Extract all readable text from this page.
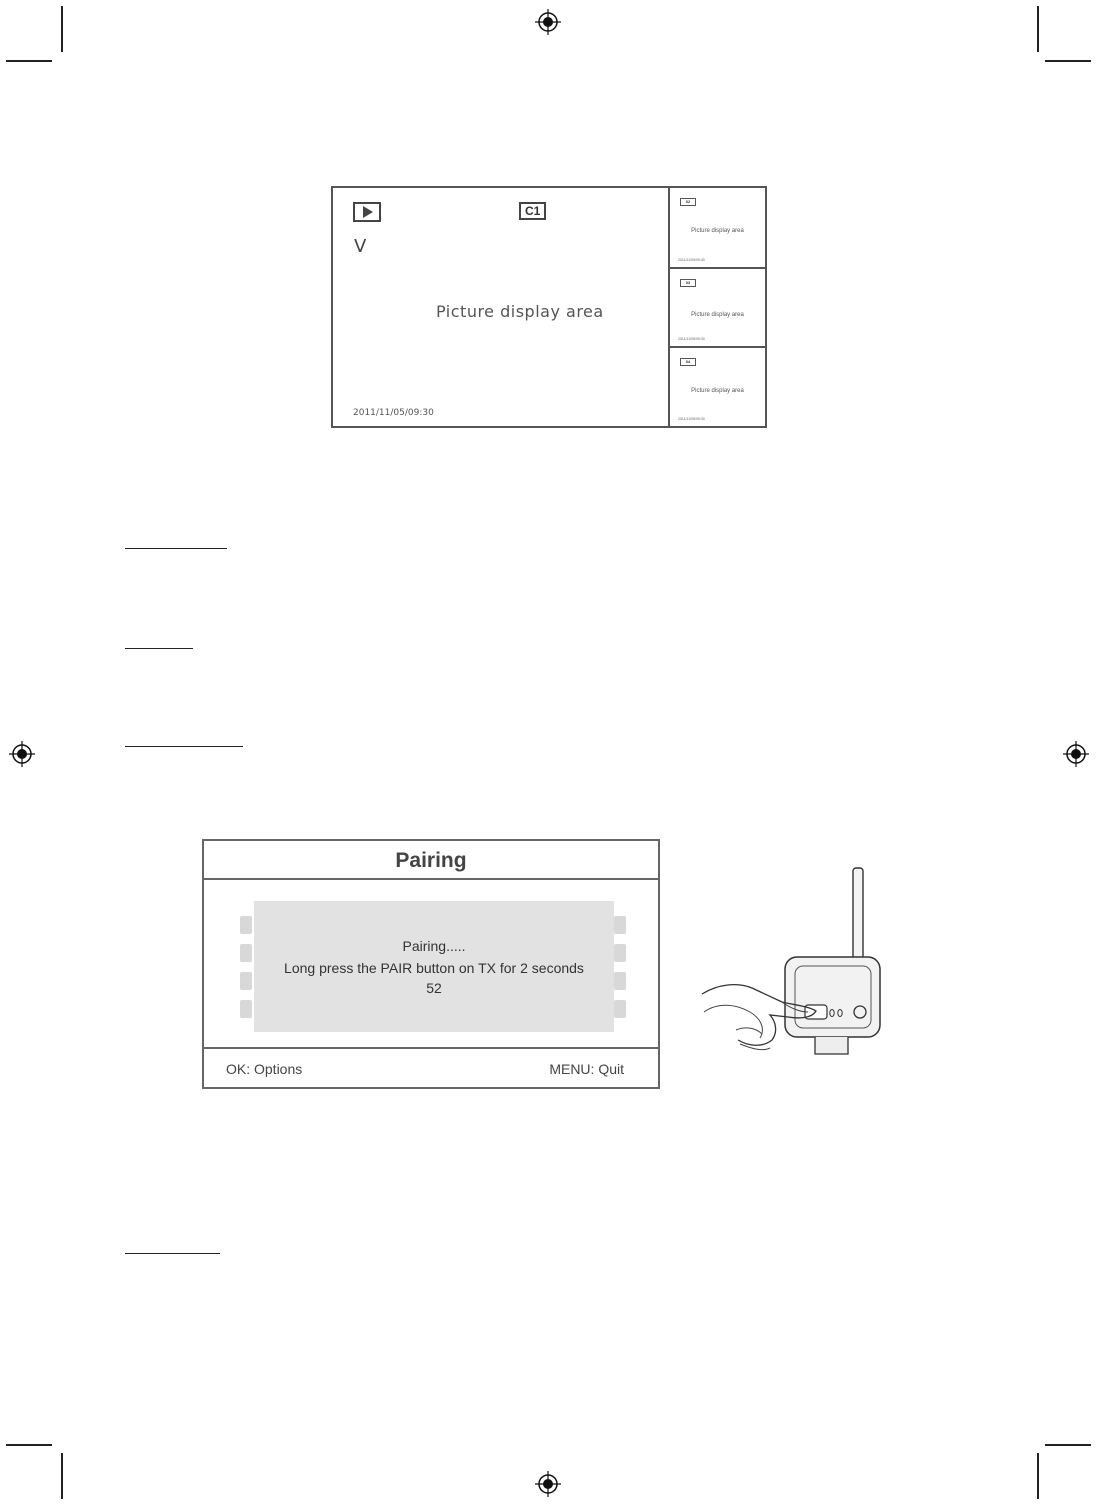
C1
V
Picture display area
2011/11/05/09:30
02
Picture display area
2011/11/05/09:30
03
Picture display area
2011/11/05/09:30
04
Picture display area
2011/11/05/09:30
Pairing
Pairing.....
Long press the PAIR button on TX for 2 seconds
52
OK: Options	MENU: Quit
